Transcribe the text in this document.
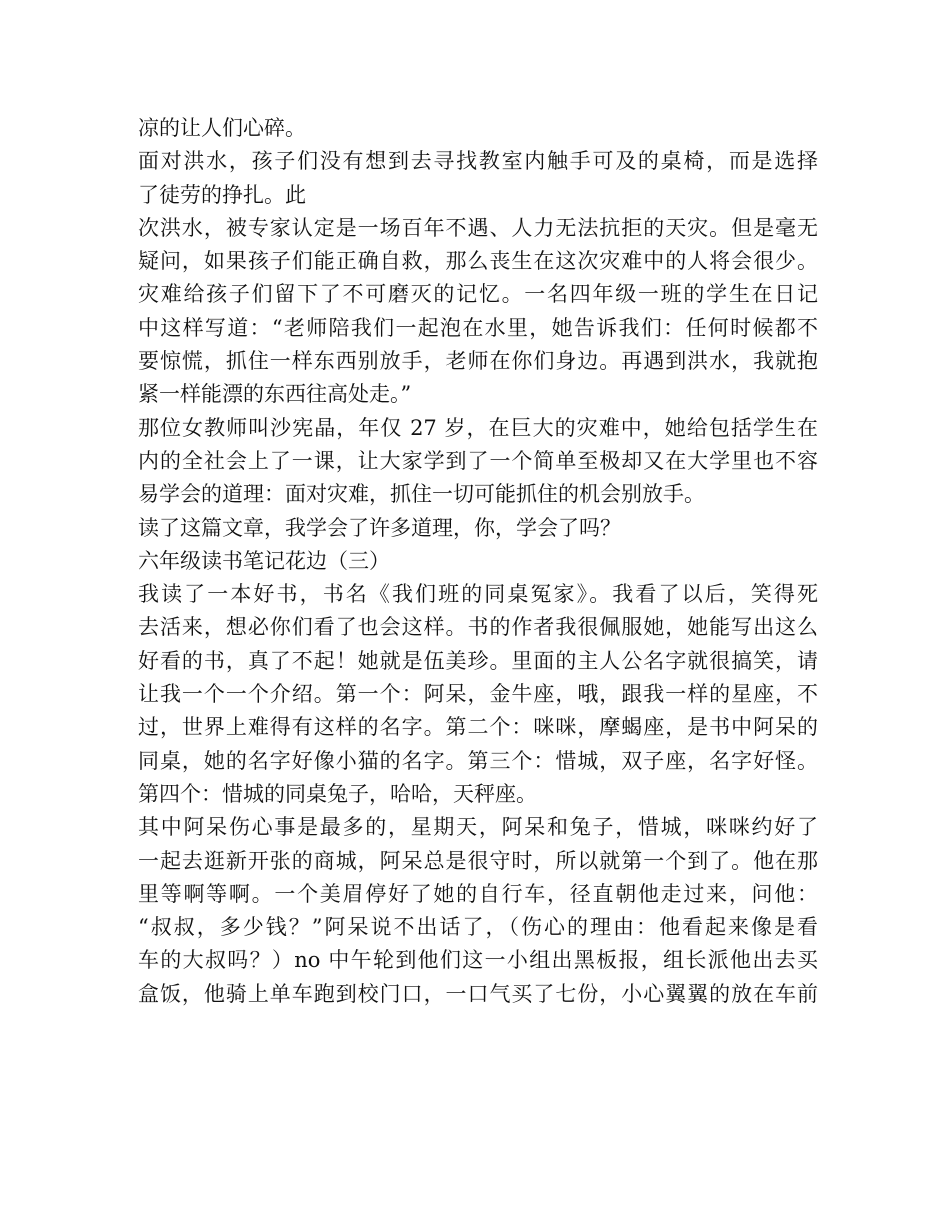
凉的让人们心碎。
面对洪水，孩子们没有想到去寻找教室内触手可及的桌椅，而是选择
了徒劳的挣扎。此
次洪水，被专家认定是一场百年不遇、人力无法抗拒的天灾。但是毫无
疑问，如果孩子们能正确自救，那么丧生在这次灾难中的人将会很少。
灾难给孩子们留下了不可磨灭的记忆。一名四年级一班的学生在日记
中这样写道：“老师陪我们一起泡在水里，她告诉我们：任何时候都不
要惊慌，抓住一样东西别放手，老师在你们身边。再遇到洪水，我就抱
紧一样能漂的东西往高处走。”
那位女教师叫沙宪晶，年仅 27 岁，在巨大的灾难中，她给包括学生在
内的全社会上了一课，让大家学到了一个简单至极却又在大学里也不容
易学会的道理：面对灾难，抓住一切可能抓住的机会别放手。
读了这篇文章，我学会了许多道理，你，学会了吗？
六年级读书笔记花边（三）
我读了一本好书，书名《我们班的同桌冤家》。我看了以后，笑得死
去活来，想必你们看了也会这样。书的作者我很佩服她，她能写出这么
好看的书，真了不起！她就是伍美珍。里面的主人公名字就很搞笑，请
让我一个一个介绍。第一个：阿呆，金牛座，哦，跟我一样的星座，不
过，世界上难得有这样的名字。第二个：咪咪，摩蝎座，是书中阿呆的
同桌，她的名字好像小猫的名字。第三个：惜城，双子座，名字好怪。
第四个：惜城的同桌兔子，哈哈，天秤座。
其中阿呆伤心事是最多的，星期天，阿呆和兔子，惜城，咪咪约好了
一起去逛新开张的商城，阿呆总是很守时，所以就第一个到了。他在那
里等啊等啊。一个美眉停好了她的自行车，径直朝他走过来，问他：
“叔叔，多少钱？”阿呆说不出话了，（伤心的理由：他看起来像是看
车的大叔吗？）no 中午轮到他们这一小组出黑板报，组长派他出去买
盒饭，他骑上单车跑到校门口，一口气买了七份，小心翼翼的放在车前
